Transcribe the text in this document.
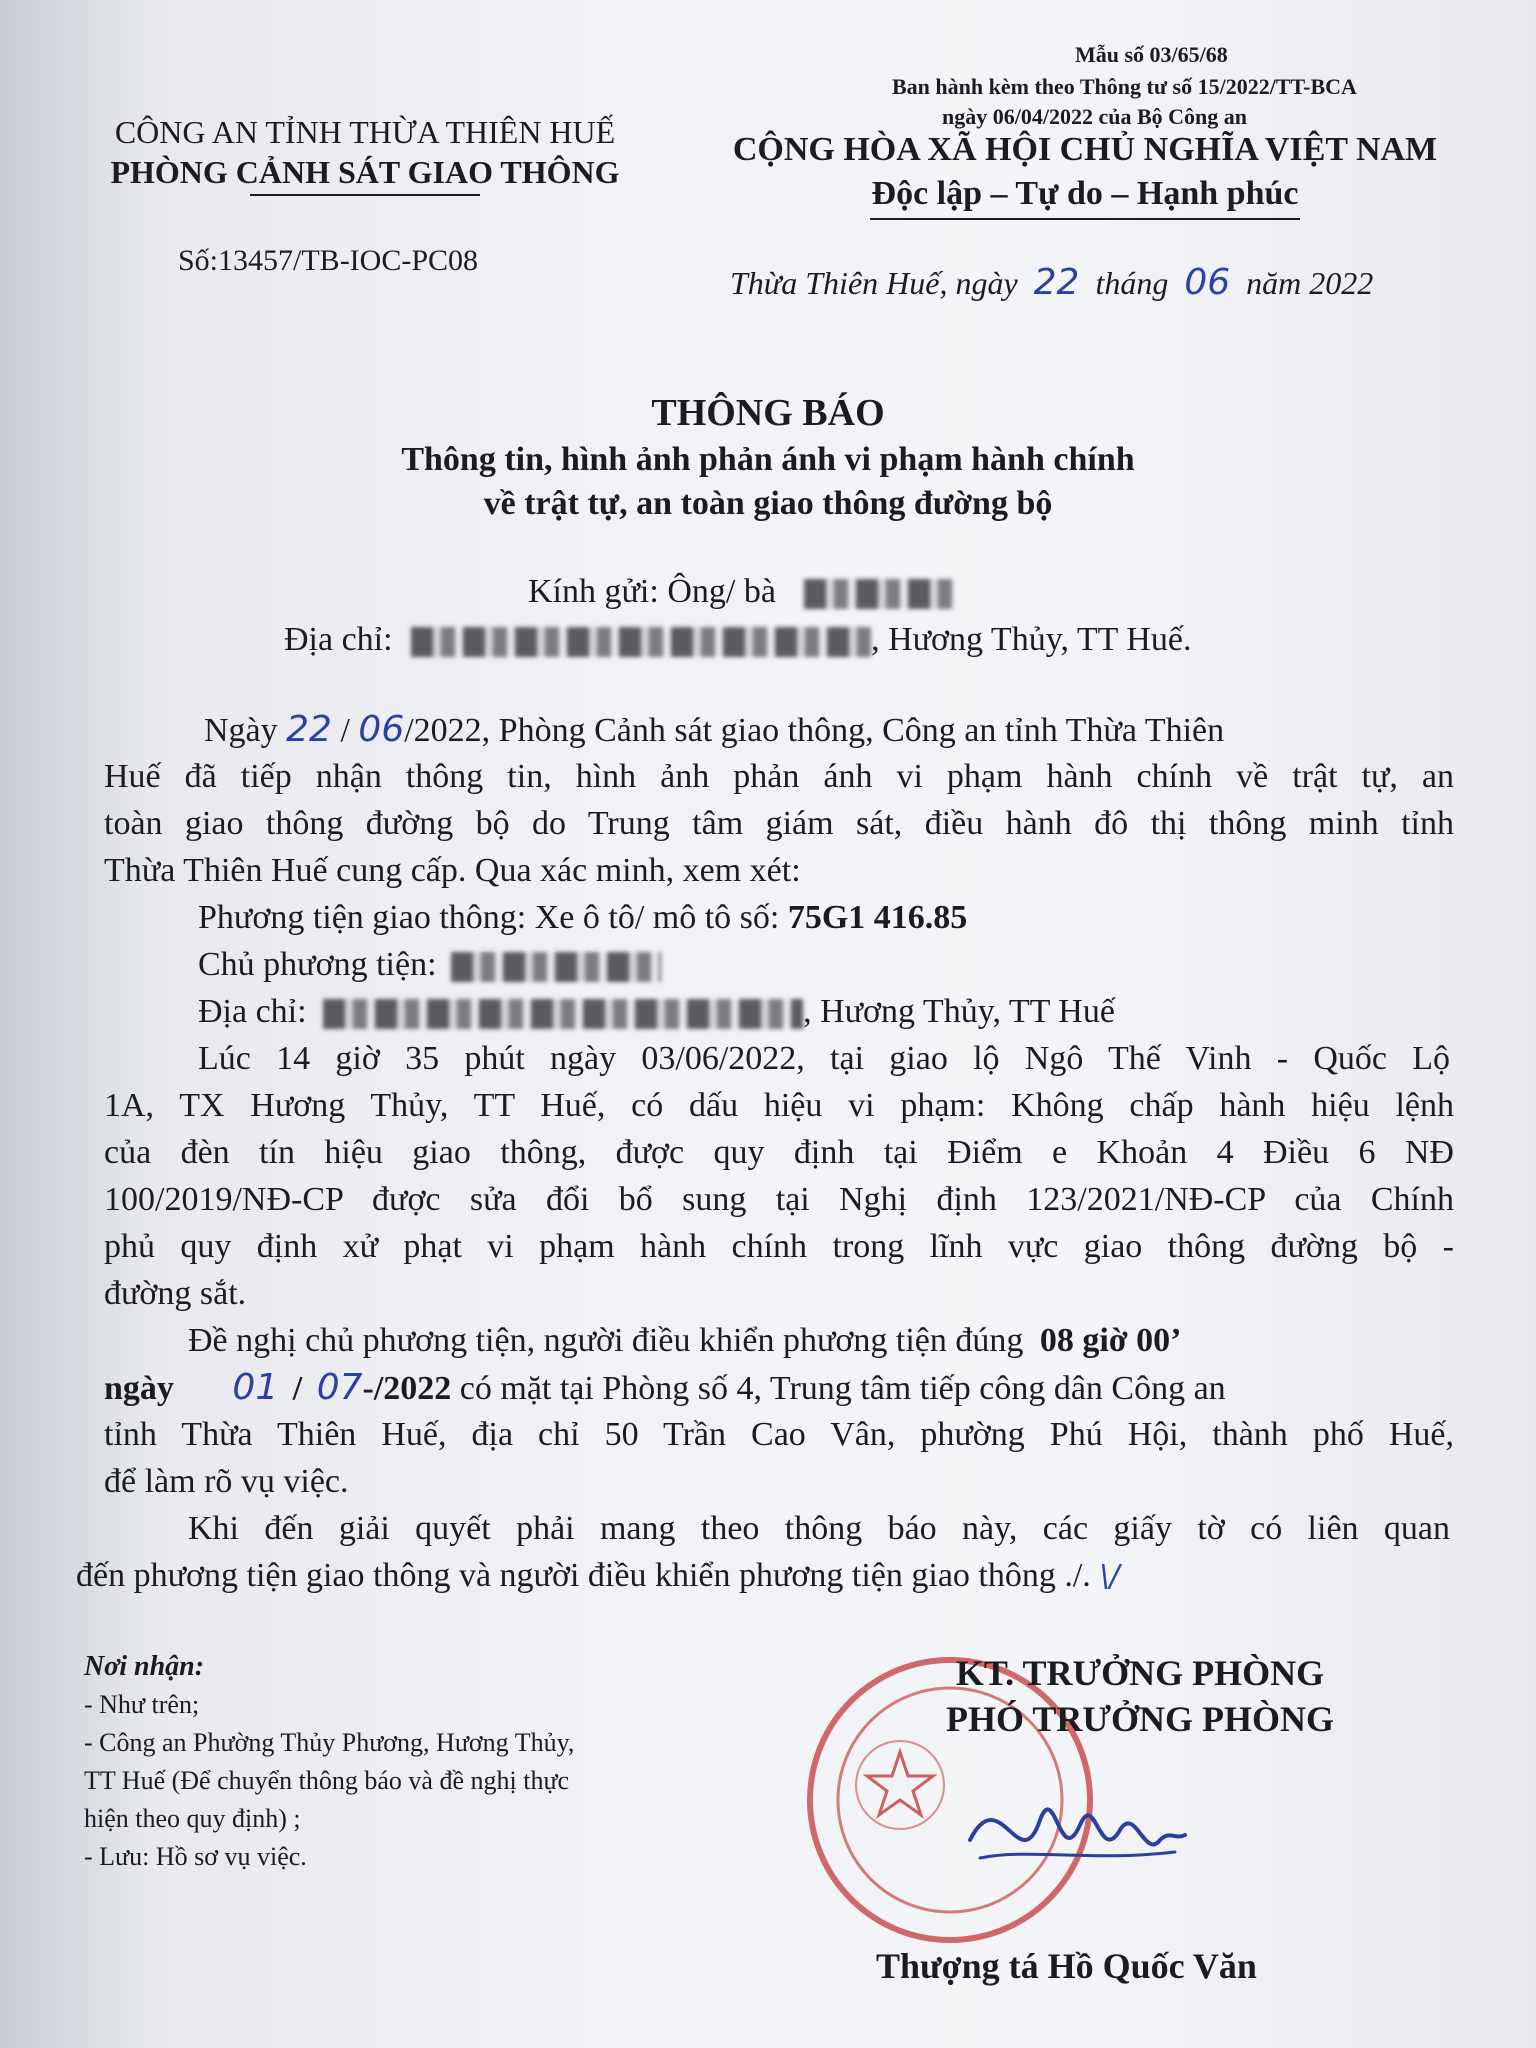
Mẫu số 03/65/68
Ban hành kèm theo Thông tư số 15/2022/TT-BCA
ngày 06/04/2022 của Bộ Công an
CÔNG AN TỈNH THỪA THIÊN HUẾ
PHÒNG CẢNH SÁT GIAO THÔNG
Số:13457/TB-IOC-PC08
CỘNG HÒA XÃ HỘI CHỦ NGHĨA VIỆT NAM
Độc lập – Tự do – Hạnh phúc
Thừa Thiên Huế, ngày 22 tháng 06 năm 2022
THÔNG BÁO
Thông tin, hình ảnh phản ánh vi phạm hành chính
về trật tự, an toàn giao thông đường bộ
Kính gửi: Ông/ bà
Địa chỉ:	, Hương Thủy, TT Huế.
Ngày 22 / 06/2022, Phòng Cảnh sát giao thông, Công an tỉnh Thừa Thiên
Huế đã tiếp nhận thông tin, hình ảnh phản ánh vi phạm hành chính về trật tự, an
toàn giao thông đường bộ do Trung tâm giám sát, điều hành đô thị thông minh tỉnh
Thừa Thiên Huế cung cấp. Qua xác minh, xem xét:
Phương tiện giao thông: Xe ô tô/ mô tô số: 75G1 416.85
Chủ phương tiện:
Địa chỉ:	, Hương Thủy, TT Huế
Lúc 14 giờ 35 phút ngày 03/06/2022, tại giao lộ Ngô Thế Vinh - Quốc Lộ
1A, TX Hương Thủy, TT Huế, có dấu hiệu vi phạm: Không chấp hành hiệu lệnh
của đèn tín hiệu giao thông, được quy định tại Điểm e Khoản 4 Điều 6 NĐ
100/2019/NĐ-CP được sửa đổi bổ sung tại Nghị định 123/2021/NĐ-CP của Chính
phủ quy định xử phạt vi phạm hành chính trong lĩnh vực giao thông đường bộ -
đường sắt.
Đề nghị chủ phương tiện, người điều khiển phương tiện đúng 08 giờ 00’
ngày 01 / 07-/2022 có mặt tại Phòng số 4, Trung tâm tiếp công dân Công an
tỉnh Thừa Thiên Huế, địa chỉ 50 Trần Cao Vân, phường Phú Hội, thành phố Huế,
để làm rõ vụ việc.
Khi đến giải quyết phải mang theo thông báo này, các giấy tờ có liên quan
đến phương tiện giao thông và người điều khiển phương tiện giao thông ./. \/
Nơi nhận:
- Như trên;
- Công an Phường Thủy Phương, Hương Thủy,
TT Huế (Để chuyển thông báo và đề nghị thực
hiện theo quy định) ;
- Lưu: Hồ sơ vụ việc.
KT. TRƯỞNG PHÒNG
PHÓ TRƯỞNG PHÒNG
Thượng tá Hồ Quốc Văn
